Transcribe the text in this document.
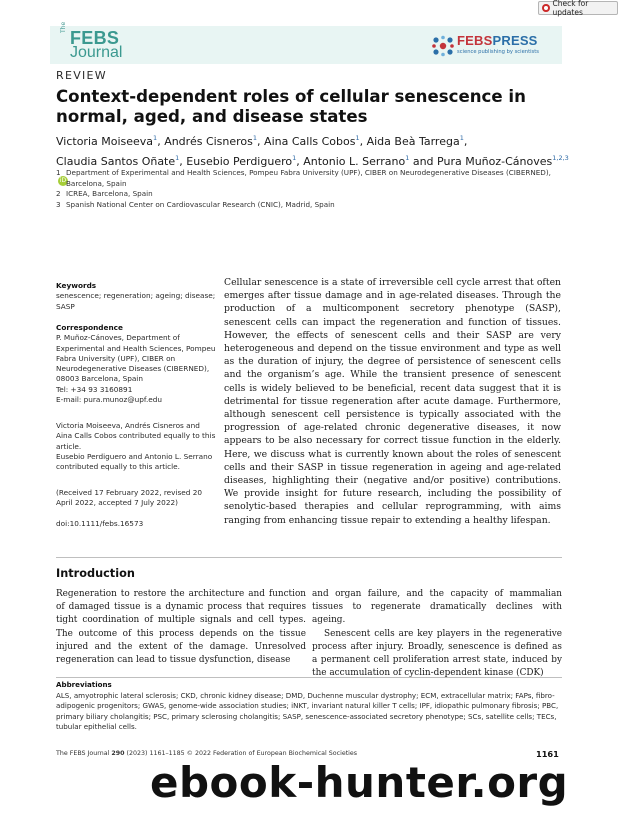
Check for updates
The
FEBS
Journal
FEBSPRESS
science publishing by scientists
REVIEW
Context-dependent roles of cellular senescence in normal, aged, and disease states
Victoria Moiseeva$^1$, Andrés Cisneros$^1$, Aina Calls Cobos$^1$, Aida Beà Tarrega$^1$,
Claudia Santos Oñate$^1$, Eusebio Perdiguero$^1$, Antonio L. Serrano$^1$ and Pura Muñoz-Cánoves$^{1,2,3}$iD
1 Department of Experimental and Health Sciences, Pompeu Fabra University (UPF), CIBER on Neurodegenerative Diseases (CIBERNED),
Barcelona, Spain
2 ICREA, Barcelona, Spain
3 Spanish National Center on Cardiovascular Research (CNIC), Madrid, Spain
Keywords
senescence; regeneration; ageing; disease; SASP
Correspondence
P. Muñoz-Cánoves, Department of
Experimental and Health Sciences, Pompeu
Fabra University (UPF), CIBER on
Neurodegenerative Diseases (CIBERNED),
08003 Barcelona, Spain
Tel: +34 93 3160891
E-mail: pura.munoz@upf.edu
Victoria Moiseeva, Andrés Cisneros and
Aina Calls Cobos contributed equally to this
article.
Eusebio Perdiguero and Antonio L. Serrano
contributed equally to this article.
(Received 17 February 2022, revised 20
April 2022, accepted 7 July 2022)
doi:10.1111/febs.16573
Cellular senescence is a state of irreversible cell cycle arrest that often emerges after tissue damage and in age-related diseases. Through the production of a multicomponent secretory phenotype (SASP), senescent cells can impact the regeneration and function of tissues. However, the effects of senescent cells and their SASP are very heterogeneous and depend on the tissue environment and type as well as the duration of injury, the degree of persistence of senescent cells and the organism’s age. While the transient presence of senescent cells is widely believed to be beneficial, recent data suggest that it is detrimental for tissue regeneration after acute damage. Furthermore, although senescent cell persistence is typically associated with the progression of age-related chronic degenerative diseases, it now appears to be also necessary for correct tissue function in the elderly. Here, we discuss what is currently known about the roles of senescent cells and their SASP in tissue regeneration in ageing and age-related diseases, highlighting their (negative and/or positive) contributions. We provide insight for future research, including the possibility of senolytic-based therapies and cellular reprogramming, with aims ranging from enhancing tissue repair to extending a healthy lifespan.
Introduction

Regeneration to restore the architecture and function of damaged tissue is a dynamic process that requires tight coordination of multiple signals and cell types. The outcome of this process depends on the tissue injured and the extent of the damage. Unresolved regeneration can lead to tissue dysfunction, disease

and organ failure, and the capacity of mammalian tissues to regenerate dramatically declines with ageing.

Senescent cells are key players in the regenerative process after injury. Broadly, senescence is defined as a permanent cell proliferation arrest state, induced by the accumulation of cyclin-dependent kinase (CDK)

Abbreviations
ALS, amyotrophic lateral sclerosis; CKD, chronic kidney disease; DMD, Duchenne muscular dystrophy; ECM, extracellular matrix; FAPs, fibro-adipogenic progenitors; GWAS, genome-wide association studies; iNKT, invariant natural killer T cells; IPF, idiopathic pulmonary fibrosis; PBC, primary biliary cholangitis; PSC, primary sclerosing cholangitis; SASP, senescence-associated secretory phenotype; SCs, satellite cells; TECs, tubular epithelial cells.
The FEBS Journal 290 (2023) 1161–1185 © 2022 Federation of European Biochemical Societies	1161
ebook-hunter.org
